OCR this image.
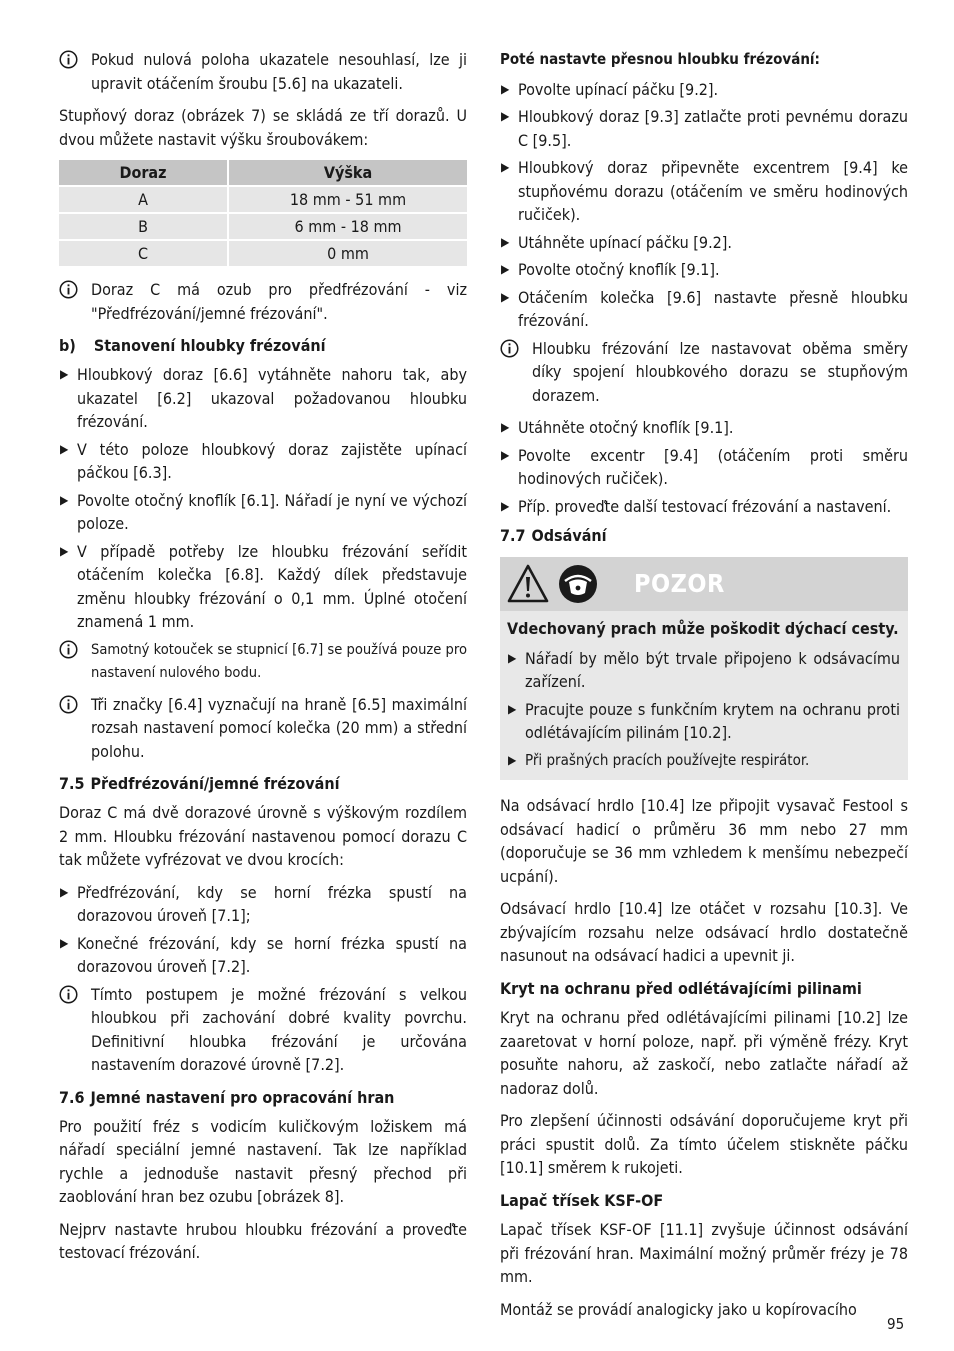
Pokud nulová poloha ukazatele nesouhlasí, lze ji upravit otáčením šroubu [5.6] na ukazateli.

Stupňový doraz (obrázek 7) se skládá ze tří dorazů. U dvou můžete nastavit výšku šroubovákem:

Doraz	Výška
A	18 mm - 51 mm
B	6 mm - 18 mm
C	0 mm
Doraz C má ozub pro předfrézování - viz "Předfrézování/jemné frézování".
b) Stanovení hloubky frézování
▶ Hloubkový doraz [6.6] vytáhněte nahoru tak, aby ukazatel [6.2] ukazoval požadovanou hloubku frézování.
▶ V této poloze hloubkový doraz zajistěte upínací páčkou [6.3].
▶ Povolte otočný knoflík [6.1]. Nářadí je nyní ve výchozí poloze.
▶ V případě potřeby lze hloubku frézování seřídit otáčením kolečka [6.8]. Každý dílek představuje změnu hloubky frézování o 0,1 mm. Úplné otočení znamená 1 mm.
Samotný kotouček se stupnicí [6.7] se používá pouze pro nastavení nulového bodu.
Tři značky [6.4] vyznačují na hraně [6.5] maximální rozsah nastavení pomocí kolečka (20 mm) a střední polohu.
7.5 Předfrézování/jemné frézování

Doraz C má dvě dorazové úrovně s výškovým rozdílem 2 mm. Hloubku frézování nastavenou pomocí dorazu C tak můžete vyfrézovat ve dvou krocích:

▶ Předfrézování, kdy se horní frézka spustí na dorazovou úroveň [7.1];
▶ Konečné frézování, kdy se horní frézka spustí na dorazovou úroveň [7.2].
Tímto postupem je možné frézování s velkou hloubkou při zachování dobré kvality povrchu. Definitivní hloubka frézování je určována nastavením dorazové úrovně [7.2].
7.6 Jemné nastavení pro opracování hran

Pro použití fréz s vodicím kuličkovým ložiskem má nářadí speciální jemné nastavení. Tak lze například rychle a jednoduše nastavit přesný přechod při zaoblování hran bez ozubu [obrázek 8].

Nejprv nastavte hrubou hloubku frézování a proveďte testovací frézování.

Poté nastavte přesnou hloubku frézování:
▶ Povolte upínací páčku [9.2].
▶ Hloubkový doraz [9.3] zatlačte proti pevnému dorazu C [9.5].
▶ Hloubkový doraz připevněte excentrem [9.4] ke stupňovému dorazu (otáčením ve směru hodinových ručiček).
▶ Utáhněte upínací páčku [9.2].
▶ Povolte otočný knoflík [9.1].
▶ Otáčením kolečka [9.6] nastavte přesně hloubku frézování.
Hloubku frézování lze nastavovat oběma směry díky spojení hloubkového dorazu se stupňovým dorazem.
▶ Utáhněte otočný knoflík [9.1].
▶ Povolte excentr [9.4] (otáčením proti směru hodinových ručiček).
▶ Příp. proveďte další testovací frézování a nastavení.
7.7 Odsávání
POZOR
Vdechovaný prach může poškodit dýchací cesty.
▶ Nářadí by mělo být trvale připojeno k odsávacímu zařízení.
▶ Pracujte pouze s funkčním krytem na ochranu proti odlétávajícím pilinám [10.2].
▶ Při prašných pracích používejte respirátor.

Na odsávací hrdlo [10.4] lze připojit vysavač Festool s odsávací hadicí o průměru 36 mm nebo 27 mm (doporučuje se 36 mm vzhledem k menšímu nebezpečí ucpání).

Odsávací hrdlo [10.4] lze otáčet v rozsahu [10.3]. Ve zbývajícím rozsahu nelze odsávací hrdlo dostatečně nasunout na odsávací hadici a upevnit ji.

Kryt na ochranu před odlétávajícími pilinami

Kryt na ochranu před odlétávajícími pilinami [10.2] lze zaaretovat v horní poloze, např. při výměně frézy. Kryt posuňte nahoru, až zaskočí, nebo zatlačte nářadí až nadoraz dolů.

Pro zlepšení účinnosti odsávání doporučujeme kryt při práci spustit dolů. Za tímto účelem stiskněte páčku [10.1] směrem k rukojeti.

Lapač třísek KSF-OF

Lapač třísek KSF-OF [11.1] zvyšuje účinnost odsávání při frézování hran. Maximální možný průměr frézy je 78 mm.

Montáž se provádí analogicky jako u kopírovacího

95
